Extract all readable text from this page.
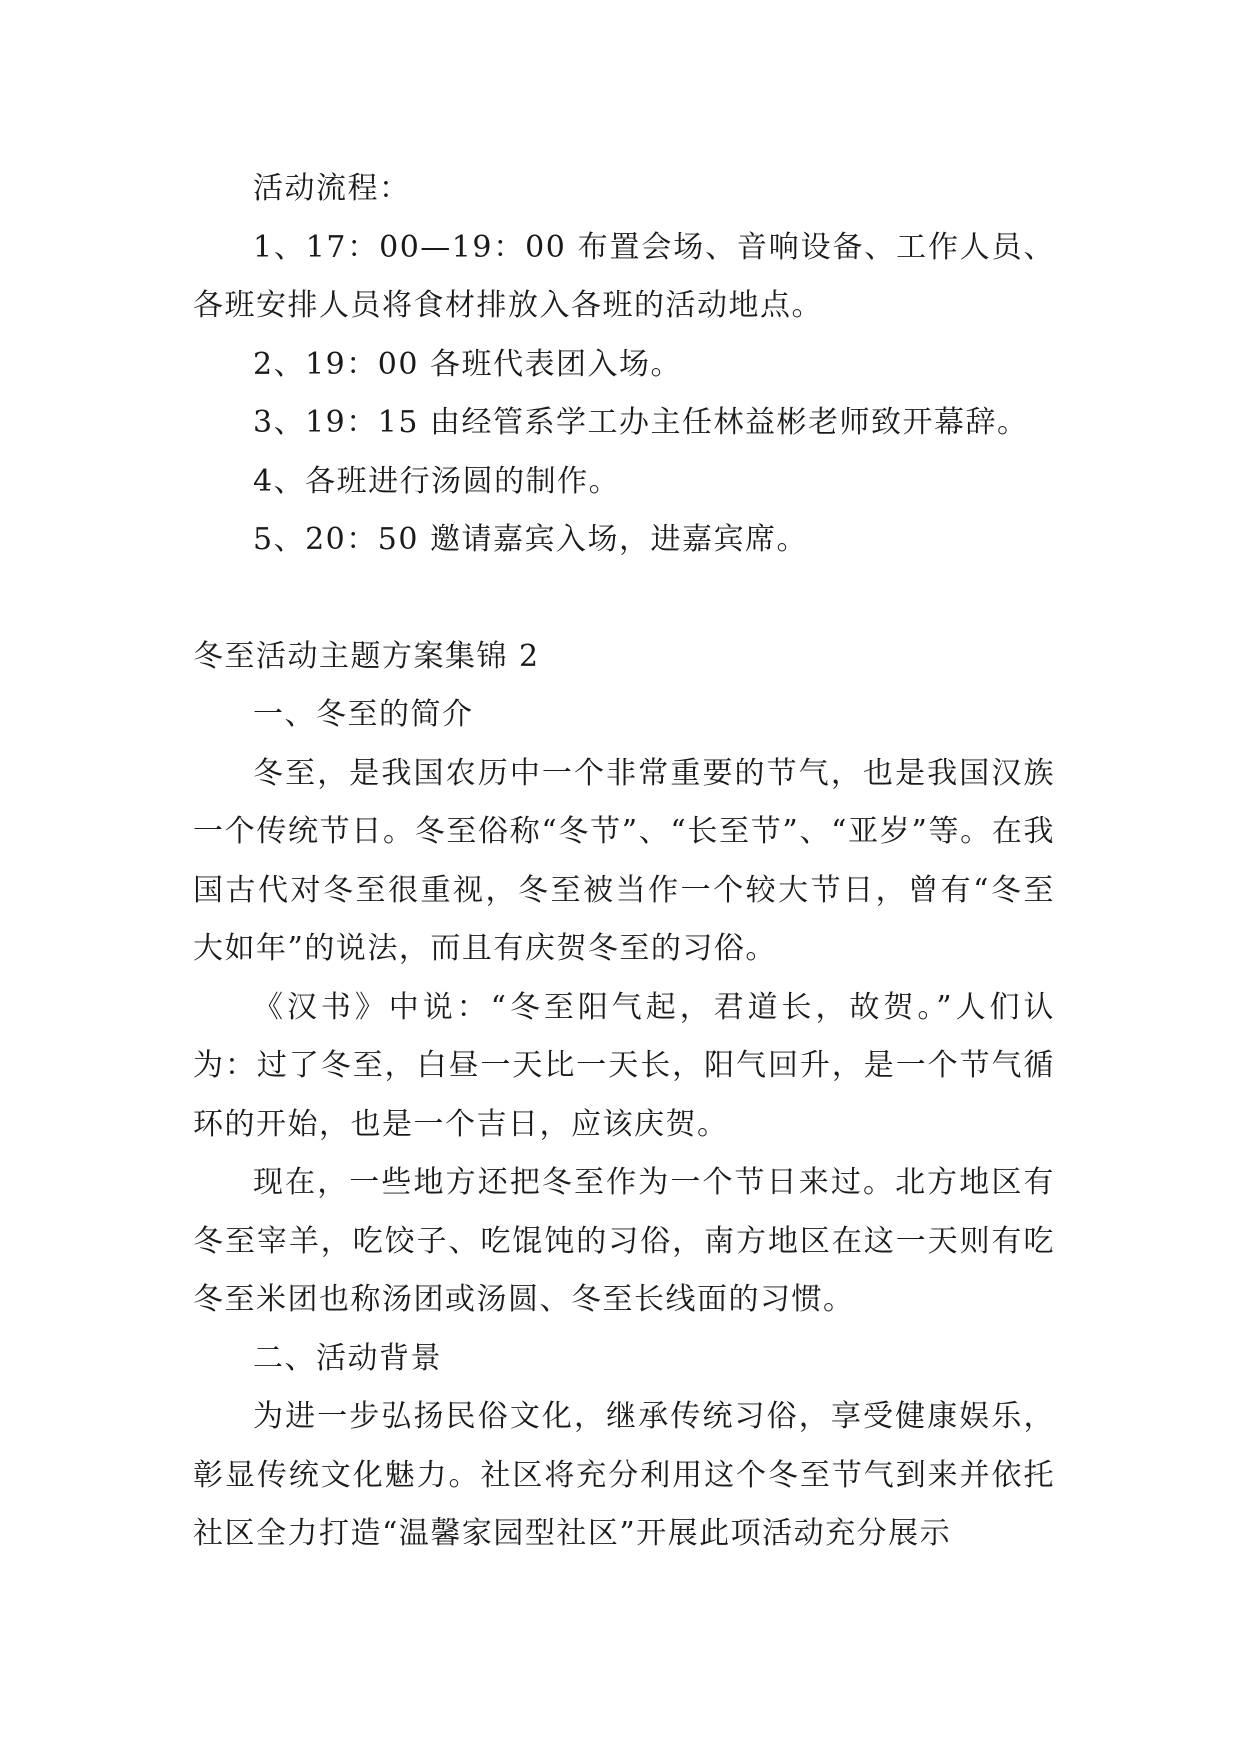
活动流程：

1、17：00—19：00 布置会场、音响设备、工作人员、各班安排人员将食材排放入各班的活动地点。

2、19：00 各班代表团入场。

3、19：15 由经管系学工办主任林益彬老师致开幕辞。

4、各班进行汤圆的制作。

5、20：50 邀请嘉宾入场，进嘉宾席。

冬至活动主题方案集锦 2

一、冬至的简介

冬至，是我国农历中一个非常重要的节气，也是我国汉族一个传统节日。冬至俗称“冬节”、“长至节”、“亚岁”等。在我国古代对冬至很重视，冬至被当作一个较大节日，曾有“冬至大如年”的说法，而且有庆贺冬至的习俗。

《汉书》中说：“冬至阳气起，君道长，故贺。”人们认为：过了冬至，白昼一天比一天长，阳气回升，是一个节气循环的开始，也是一个吉日，应该庆贺。

现在，一些地方还把冬至作为一个节日来过。北方地区有冬至宰羊，吃饺子、吃馄饨的习俗，南方地区在这一天则有吃冬至米团也称汤团或汤圆、冬至长线面的习惯。

二、活动背景

为进一步弘扬民俗文化，继承传统习俗，享受健康娱乐，彰显传统文化魅力。社区将充分利用这个冬至节气到来并依托社区全力打造“温馨家园型社区”开展此项活动充分展示
